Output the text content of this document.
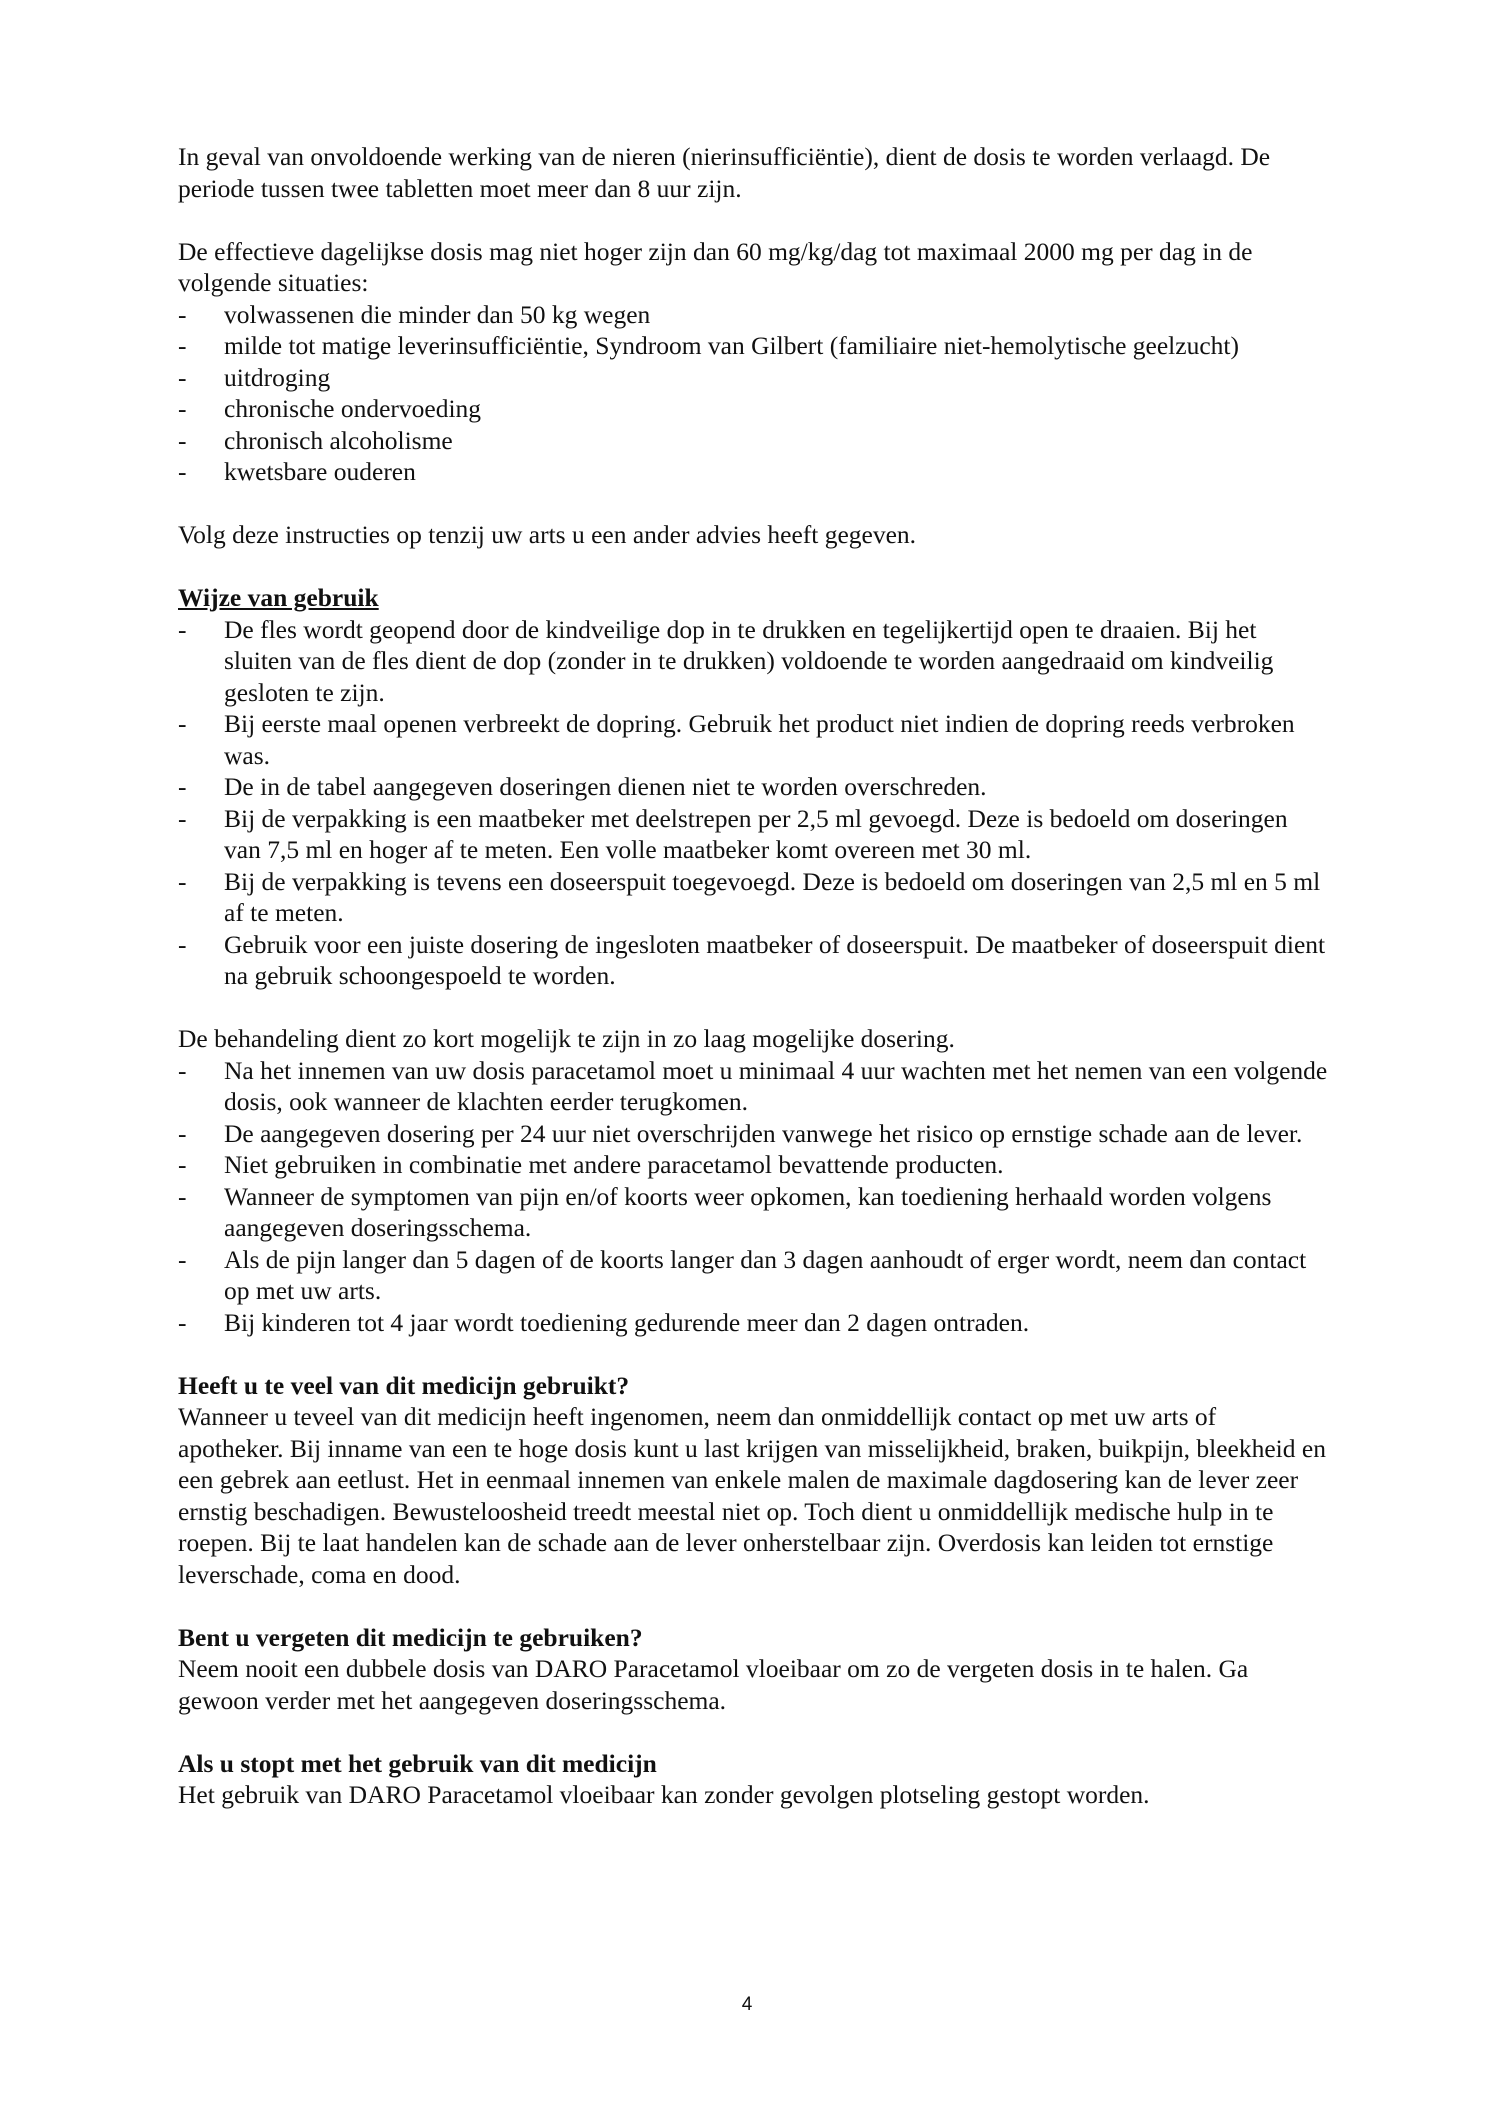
In geval van onvoldoende werking van de nieren (nierinsufficiëntie), dient de dosis te worden verlaagd. De periode tussen twee tabletten moet meer dan 8 uur zijn.

De effectieve dagelijkse dosis mag niet hoger zijn dan 60 mg/kg/dag tot maximaal 2000 mg per dag in de volgende situaties:

- volwassenen die minder dan 50 kg wegen
- milde tot matige leverinsufficiëntie, Syndroom van Gilbert (familiaire niet-hemolytische geelzucht)
- uitdroging
- chronische ondervoeding
- chronisch alcoholisme
- kwetsbare ouderen

Volg deze instructies op tenzij uw arts u een ander advies heeft gegeven.

Wijze van gebruik

- De fles wordt geopend door de kindveilige dop in te drukken en tegelijkertijd open te draaien. Bij het sluiten van de fles dient de dop (zonder in te drukken) voldoende te worden aangedraaid om kindveilig gesloten te zijn.
- Bij eerste maal openen verbreekt de dopring. Gebruik het product niet indien de dopring reeds verbroken was.
- De in de tabel aangegeven doseringen dienen niet te worden overschreden.
- Bij de verpakking is een maatbeker met deelstrepen per 2,5 ml gevoegd. Deze is bedoeld om doseringen van 7,5 ml en hoger af te meten. Een volle maatbeker komt overeen met 30 ml.
- Bij de verpakking is tevens een doseerspuit toegevoegd. Deze is bedoeld om doseringen van 2,5 ml en 5 ml af te meten.
- Gebruik voor een juiste dosering de ingesloten maatbeker of doseerspuit. De maatbeker of doseerspuit dient na gebruik schoongespoeld te worden.

De behandeling dient zo kort mogelijk te zijn in zo laag mogelijke dosering.

- Na het innemen van uw dosis paracetamol moet u minimaal 4 uur wachten met het nemen van een volgende dosis, ook wanneer de klachten eerder terugkomen.
- De aangegeven dosering per 24 uur niet overschrijden vanwege het risico op ernstige schade aan de lever.
- Niet gebruiken in combinatie met andere paracetamol bevattende producten.
- Wanneer de symptomen van pijn en/of koorts weer opkomen, kan toediening herhaald worden volgens aangegeven doseringsschema.
- Als de pijn langer dan 5 dagen of de koorts langer dan 3 dagen aanhoudt of erger wordt, neem dan contact op met uw arts.
- Bij kinderen tot 4 jaar wordt toediening gedurende meer dan 2 dagen ontraden.

Heeft u te veel van dit medicijn gebruikt?

Wanneer u teveel van dit medicijn heeft ingenomen, neem dan onmiddellijk contact op met uw arts of apotheker. Bij inname van een te hoge dosis kunt u last krijgen van misselijkheid, braken, buikpijn, bleekheid en een gebrek aan eetlust. Het in eenmaal innemen van enkele malen de maximale dagdosering kan de lever zeer ernstig beschadigen. Bewusteloosheid treedt meestal niet op. Toch dient u onmiddellijk medische hulp in te roepen. Bij te laat handelen kan de schade aan de lever onherstelbaar zijn. Overdosis kan leiden tot ernstige leverschade, coma en dood.

Bent u vergeten dit medicijn te gebruiken?

Neem nooit een dubbele dosis van DARO Paracetamol vloeibaar om zo de vergeten dosis in te halen. Ga gewoon verder met het aangegeven doseringsschema.

Als u stopt met het gebruik van dit medicijn

Het gebruik van DARO Paracetamol vloeibaar kan zonder gevolgen plotseling gestopt worden.

4
